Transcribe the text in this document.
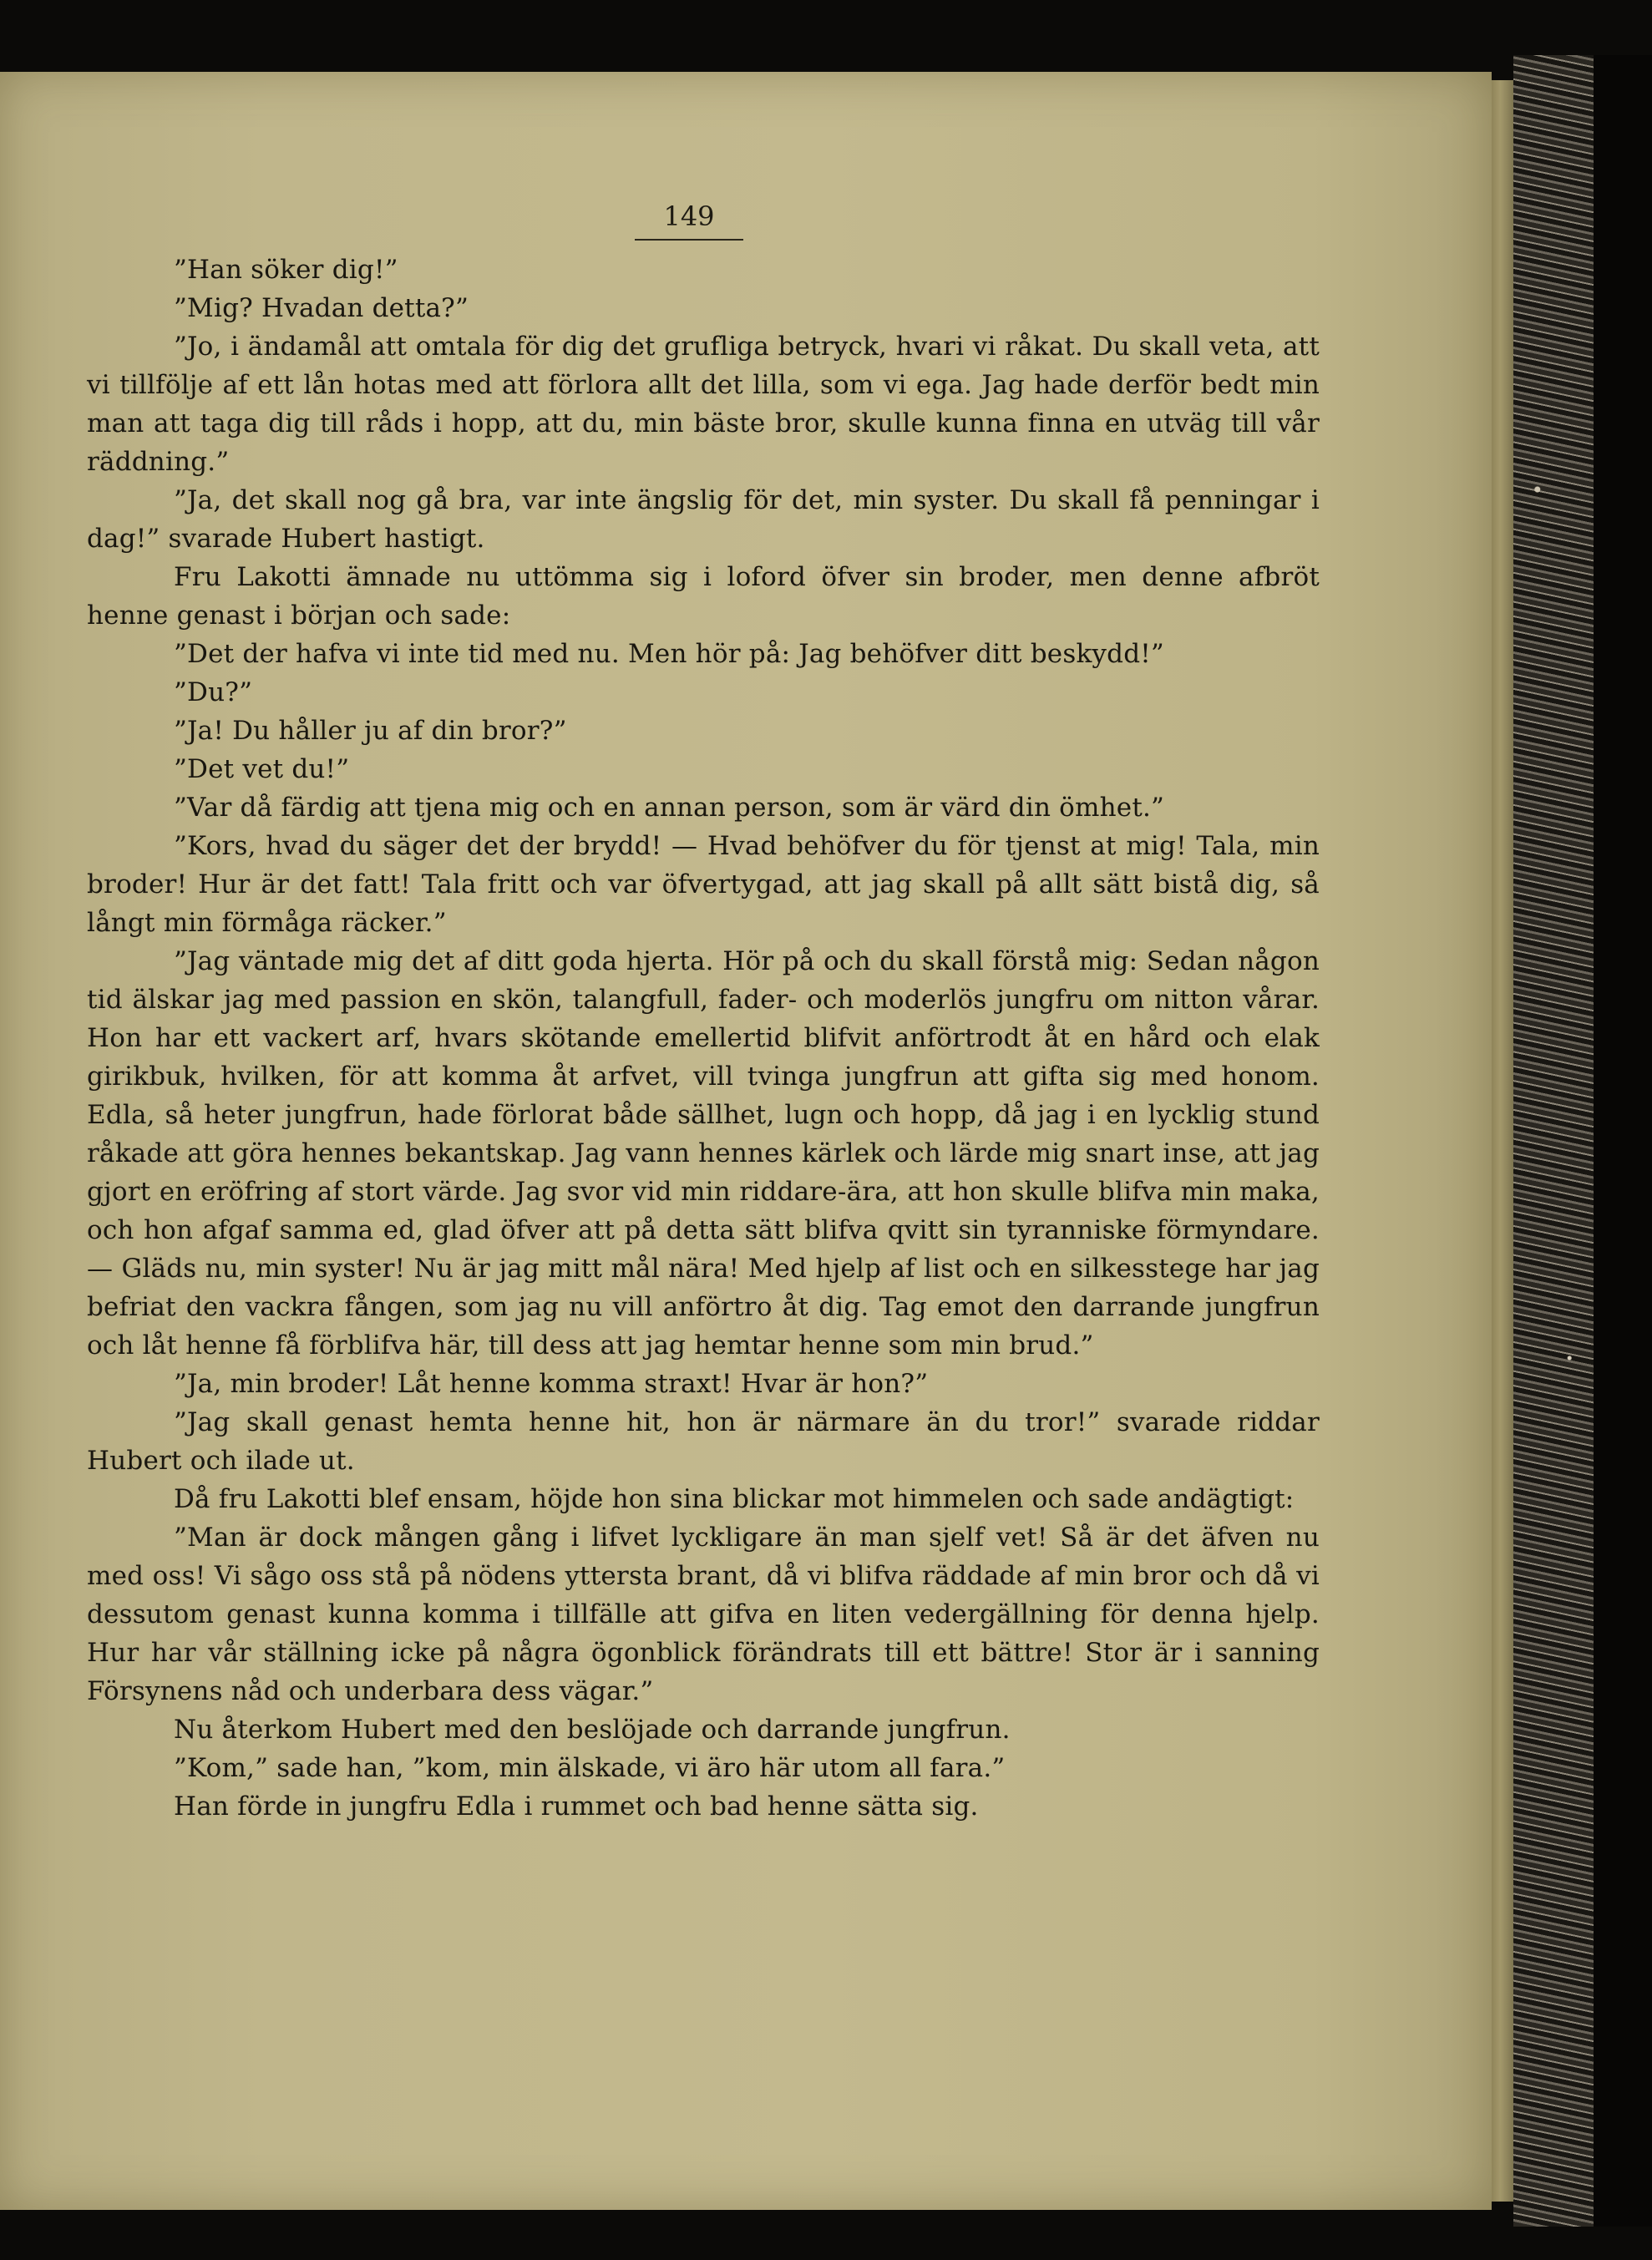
149

”Han söker dig!”

”Mig? Hvadan detta?”

”Jo, i ändamål att omtala för dig det grufliga betryck, hvari vi råkat. Du skall veta, att vi tillfölje af ett lån hotas med att förlora allt det lilla, som vi ega. Jag hade derför bedt min man att taga dig till råds i hopp, att du, min bäste bror, skulle kunna finna en utväg till vår räddning.”

”Ja, det skall nog gå bra, var inte ängslig för det, min syster. Du skall få penningar i dag!” svarade Hubert hastigt.

Fru Lakotti ämnade nu uttömma sig i loford öfver sin broder, men denne afbröt henne genast i början och sade:

”Det der hafva vi inte tid med nu. Men hör på: Jag behöfver ditt beskydd!”

”Du?”

”Ja! Du håller ju af din bror?”

”Det vet du!”

”Var då färdig att tjena mig och en annan person, som är värd din ömhet.”

”Kors, hvad du säger det der brydd! — Hvad behöfver du för tjenst at mig! Tala, min broder! Hur är det fatt! Tala fritt och var öfvertygad, att jag skall på allt sätt bistå dig, så långt min förmåga räcker.”

”Jag väntade mig det af ditt goda hjerta. Hör på och du skall förstå mig: Sedan någon tid älskar jag med passion en skön, talangfull, fader- och moderlös jungfru om nitton vårar. Hon har ett vackert arf, hvars skötande emellertid blifvit anförtrodt åt en hård och elak girikbuk, hvilken, för att komma åt arfvet, vill tvinga jungfrun att gifta sig med honom. Edla, så heter jungfrun, hade förlorat både sällhet, lugn och hopp, då jag i en lycklig stund råkade att göra hennes bekantskap. Jag vann hennes kärlek och lärde mig snart inse, att jag gjort en eröfring af stort värde. Jag svor vid min riddare-ära, att hon skulle blifva min maka, och hon afgaf samma ed, glad öfver att på detta sätt blifva qvitt sin tyranniske förmyndare. — Gläds nu, min syster! Nu är jag mitt mål nära! Med hjelp af list och en silkesstege har jag befriat den vackra fången, som jag nu vill anförtro åt dig. Tag emot den darrande jungfrun och låt henne få förblifva här, till dess att jag hemtar henne som min brud.”

”Ja, min broder! Låt henne komma straxt! Hvar är hon?”

”Jag skall genast hemta henne hit, hon är närmare än du tror!” svarade riddar Hubert och ilade ut.

Då fru Lakotti blef ensam, höjde hon sina blickar mot himmelen och sade andägtigt:

”Man är dock mången gång i lifvet lyckligare än man sjelf vet! Så är det äfven nu med oss! Vi sågo oss stå på nödens yttersta brant, då vi blifva räddade af min bror och då vi dessutom genast kunna komma i tillfälle att gifva en liten vedergällning för denna hjelp. Hur har vår ställning icke på några ögonblick förändrats till ett bättre! Stor är i sanning Försynens nåd och underbara dess vägar.”

Nu återkom Hubert med den beslöjade och darrande jungfrun.

”Kom,” sade han, ”kom, min älskade, vi äro här utom all fara.”

Han förde in jungfru Edla i rummet och bad henne sätta sig.
